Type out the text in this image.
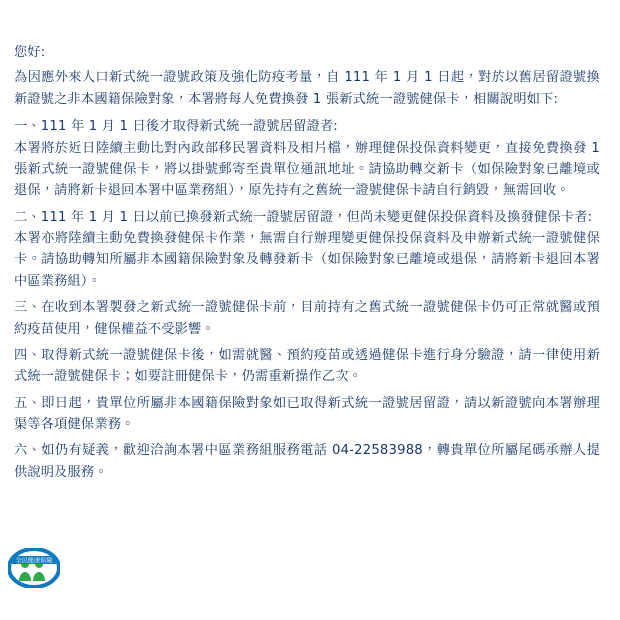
您好:

為因應外來人口新式統一證號政策及強化防疫考量，自 111 年 1 月 1 日起，對於以舊居留證號換新證號之非本國籍保險對象，本署將每人免費換發 1 張新式統一證號健保卡，相關說明如下:

一、111 年 1 月 1 日後才取得新式統一證號居留證者:

本署將於近日陸續主動比對內政部移民署資料及相片檔，辦理健保投保資料變更，直接免費換發 1 張新式統一證號健保卡，將以掛號郵寄至貴單位通訊地址。請協助轉交新卡（如保險對象已離境或退保，請將新卡退回本署中區業務組），原先持有之舊統一證號健保卡請自行銷毀，無需回收。

二、111 年 1 月 1 日以前已換發新式統一證號居留證，但尚未變更健保投保資料及換發健保卡者:

本署亦將陸續主動免費換發健保卡作業，無需自行辦理變更健保投保資料及申辦新式統一證號健保卡。請協助轉知所屬非本國籍保險對象及轉發新卡（如保險對象已離境或退保，請將新卡退回本署中區業務組）。

三、在收到本署製發之新式統一證號健保卡前，目前持有之舊式統一證號健保卡仍可正常就醫或預約疫苗使用，健保權益不受影響。

四、取得新式統一證號健保卡後，如需就醫、預約疫苗或透過健保卡進行身分驗證，請一律使用新式統一證號健保卡；如要註冊健保卡，仍需重新操作乙次。

五、即日起，貴單位所屬非本國籍保險對象如已取得新式統一證號居留證，請以新證號向本署辦理渠等各項健保業務。

六、如仍有疑義，歡迎洽詢本署中區業務組服務電話 04-22583988，轉貴單位所屬尾碼承辦人提供說明及服務。

全民健康保險
